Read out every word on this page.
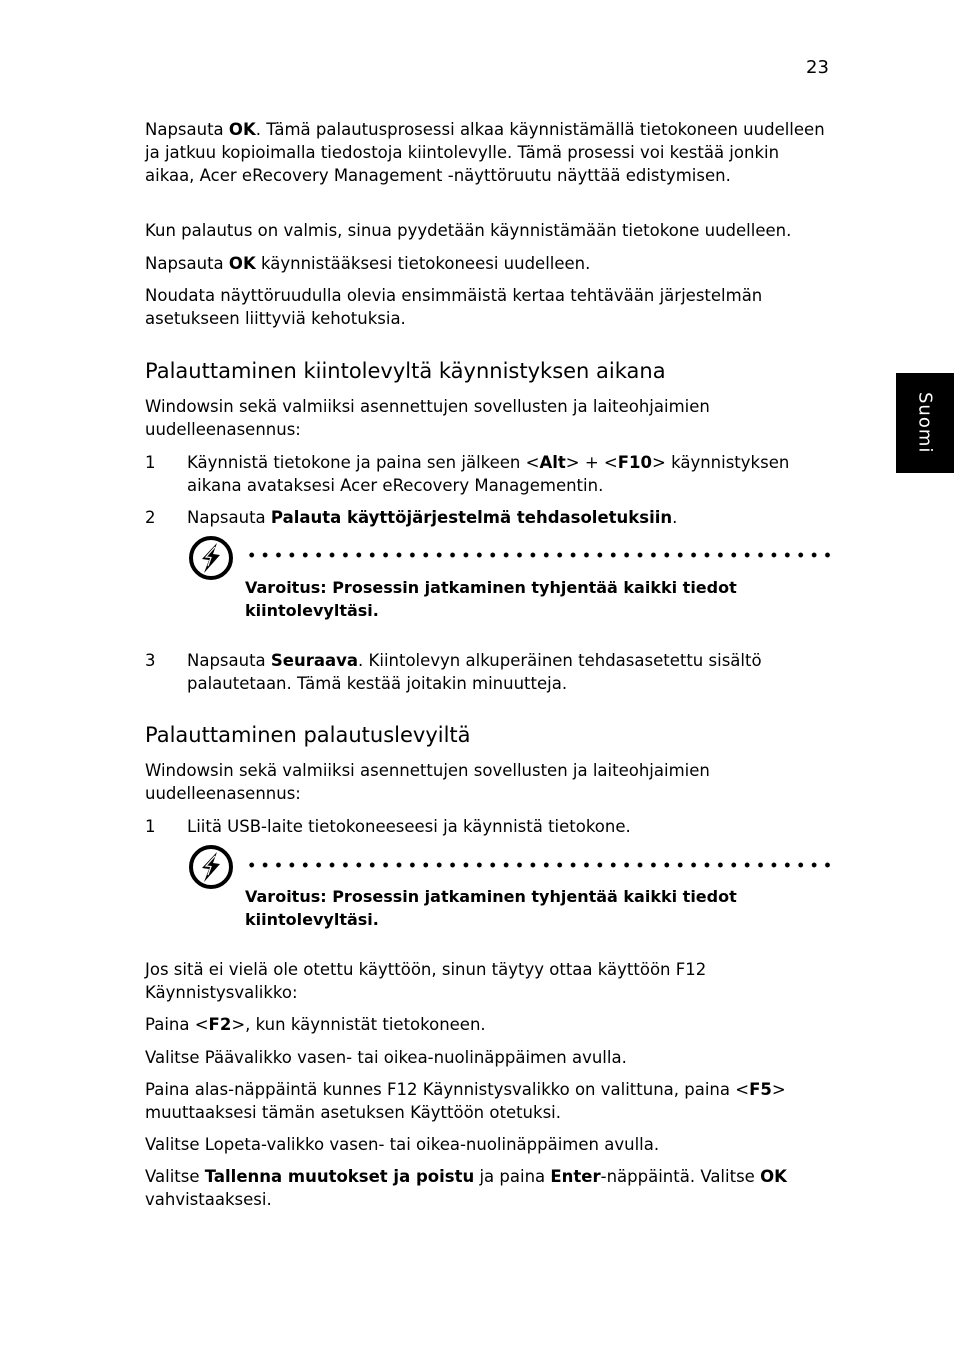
23
Suomi

Napsauta OK. Tämä palautusprosessi alkaa käynnistämällä tietokoneen uudelleen ja jatkuu kopioimalla tiedostoja kiintolevylle. Tämä prosessi voi kestää jonkin aikaa, Acer eRecovery Management -näyttöruutu näyttää edistymisen.

Kun palautus on valmis, sinua pyydetään käynnistämään tietokone uudelleen.

Napsauta OK käynnistääksesi tietokoneesi uudelleen.

Noudata näyttöruudulla olevia ensimmäistä kertaa tehtävään järjestelmän asetukseen liittyviä kehotuksia.

Palauttaminen kiintolevyltä käynnistyksen aikana

Windowsin sekä valmiiksi asennettujen sovellusten ja laiteohjaimien uudelleenasennus:

1 Käynnistä tietokone ja paina sen jälkeen <Alt> + <F10> käynnistyksen aikana avataksesi Acer eRecovery Managementin.

2 Napsauta Palauta käyttöjärjestelmä tehdasoletuksiin.

Varoitus: Prosessin jatkaminen tyhjentää kaikki tiedot kiintolevyltäsi.

3 Napsauta Seuraava. Kiintolevyn alkuperäinen tehdasasetettu sisältö palautetaan. Tämä kestää joitakin minuutteja.

Palauttaminen palautuslevyiltä

Windowsin sekä valmiiksi asennettujen sovellusten ja laiteohjaimien uudelleenasennus:

1 Liitä USB-laite tietokoneeseesi ja käynnistä tietokone.

Varoitus: Prosessin jatkaminen tyhjentää kaikki tiedot kiintolevyltäsi.

Jos sitä ei vielä ole otettu käyttöön, sinun täytyy ottaa käyttöön F12 Käynnistysvalikko:

Paina <F2>, kun käynnistät tietokoneen.

Valitse Päävalikko vasen- tai oikea-nuolinäppäimen avulla.

Paina alas-näppäintä kunnes F12 Käynnistysvalikko on valittuna, paina <F5> muuttaaksesi tämän asetuksen Käyttöön otetuksi.

Valitse Lopeta-valikko vasen- tai oikea-nuolinäppäimen avulla.

Valitse Tallenna muutokset ja poistu ja paina Enter-näppäintä. Valitse OK vahvistaaksesi.
